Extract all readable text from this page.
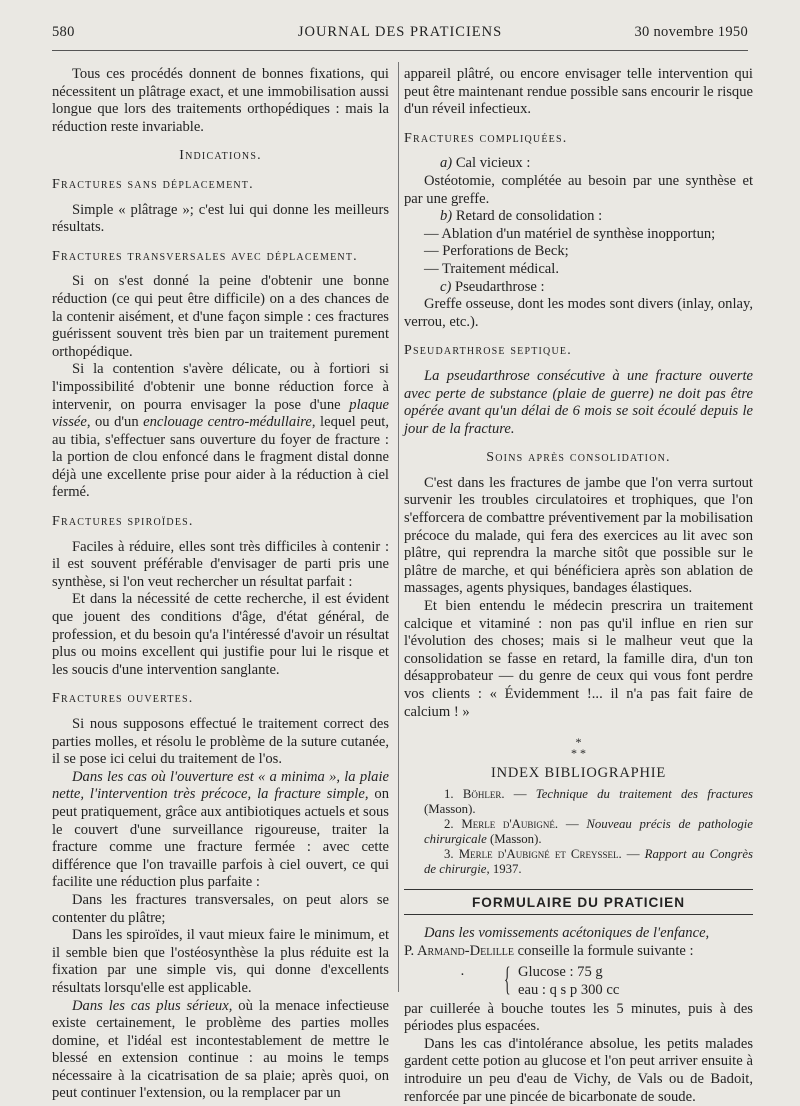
580	JOURNAL DES PRATICIENS	30 novembre 1950

Tous ces procédés donnent de bonnes fixations, qui nécessitent un plâtrage exact, et une immobilisation aussi longue que lors des traitements orthopédiques : mais la réduction reste invariable.

Indications.
Fractures sans déplacement.

Simple « plâtrage »; c'est lui qui donne les meilleurs résultats.

Fractures transversales avec déplacement.

Si on s'est donné la peine d'obtenir une bonne réduction (ce qui peut être difficile) on a des chances de la contenir aisément, et d'une façon simple : ces fractures guérissent souvent très bien par un traitement purement orthopédique.

Si la contention s'avère délicate, ou à fortiori si l'impossibilité d'obtenir une bonne réduction force à intervenir, on pourra envisager la pose d'une plaque vissée, ou d'un enclouage centro-médullaire, lequel peut, au tibia, s'effectuer sans ouverture du foyer de fracture : la portion de clou enfoncé dans le fragment distal donne déjà une excellente prise pour aider à la réduction à ciel fermé.

Fractures spiroïdes.

Faciles à réduire, elles sont très difficiles à contenir : il est souvent préférable d'envisager de parti pris une synthèse, si l'on veut rechercher un résultat parfait :

Et dans la nécessité de cette recherche, il est évident que jouent des conditions d'âge, d'état général, de profession, et du besoin qu'a l'intéressé d'avoir un résultat plus ou moins excellent qui justifie pour lui le risque et les soucis d'une intervention sanglante.

Fractures ouvertes.

Si nous supposons effectué le traitement correct des parties molles, et résolu le problème de la suture cutanée, il se pose ici celui du traitement de l'os.

Dans les cas où l'ouverture est « a minima », la plaie nette, l'intervention très précoce, la fracture simple, on peut pratiquement, grâce aux antibiotiques actuels et sous le couvert d'une surveillance rigoureuse, traiter la fracture comme une fracture fermée : avec cette différence que l'on travaille parfois à ciel ouvert, ce qui facilite une réduction plus parfaite :

Dans les fractures transversales, on peut alors se contenter du plâtre;

Dans les spiroïdes, il vaut mieux faire le minimum, et il semble bien que l'ostéosynthèse la plus réduite est la fixation par une simple vis, qui donne d'excellents résultats lorsqu'elle est applicable.

Dans les cas plus sérieux, où la menace infectieuse existe certainement, le problème des parties molles domine, et l'idéal est incontestablement de mettre le blessé en extension continue : au moins le temps nécessaire à la cicatrisation de sa plaie; après quoi, on peut continuer l'extension, ou la remplacer par un

appareil plâtré, ou encore envisager telle intervention qui peut être maintenant rendue possible sans encourir le risque d'un réveil infectieux.

Fractures compliquées.

a) Cal vicieux :

Ostéotomie, complétée au besoin par une synthèse et par une greffe.

b) Retard de consolidation :

— Ablation d'un matériel de synthèse inopportun;

— Perforations de Beck;

— Traitement médical.

c) Pseudarthrose :

Greffe osseuse, dont les modes sont divers (inlay, onlay, verrou, etc.).

Pseudarthrose septique.

La pseudarthrose consécutive à une fracture ouverte avec perte de substance (plaie de guerre) ne doit pas être opérée avant qu'un délai de 6 mois se soit écoulé depuis le jour de la fracture.

Soins après consolidation.

C'est dans les fractures de jambe que l'on verra surtout survenir les troubles circulatoires et trophiques, que l'on s'efforcera de combattre préventivement par la mobilisation précoce du malade, qui fera des exercices au lit avec son plâtre, qui reprendra la marche sitôt que possible sur le plâtre de marche, et qui bénéficiera après son ablation de massages, agents physiques, bandages élastiques.

Et bien entendu le médecin prescrira un traitement calcique et vitaminé : non pas qu'il influe en rien sur l'évolution des choses; mais si le malheur veut que la consolidation se fasse en retard, la famille dira, d'un ton désapprobateur — du genre de ceux qui vous font perdre vos clients : « Évidemment !... il n'a pas fait faire de calcium ! »

*
* *
INDEX BIBLIOGRAPHIE

1. Böhler. — Technique du traitement des fractures (Masson).

2. Merle d'Aubigné. — Nouveau précis de pathologie chirurgicale (Masson).

3. Merle d'Aubigné et Creyssel. — Rapport au Congrès de chirurgie, 1937.

FORMULAIRE DU PRATICIEN

Dans les vomissements acétoniques de l'enfance,
P. Armand-Delille conseille la formule suivante :

· { Glucose : 75 g
eau : q s p 300 cc

par cuillerée à bouche toutes les 5 minutes, puis à des périodes plus espacées.

Dans les cas d'intolérance absolue, les petits malades gardent cette potion au glucose et l'on peut arriver ensuite à introduire un peu d'eau de Vichy, de Vals ou de Badoit, renforcée par une pincée de bicarbonate de soude.
